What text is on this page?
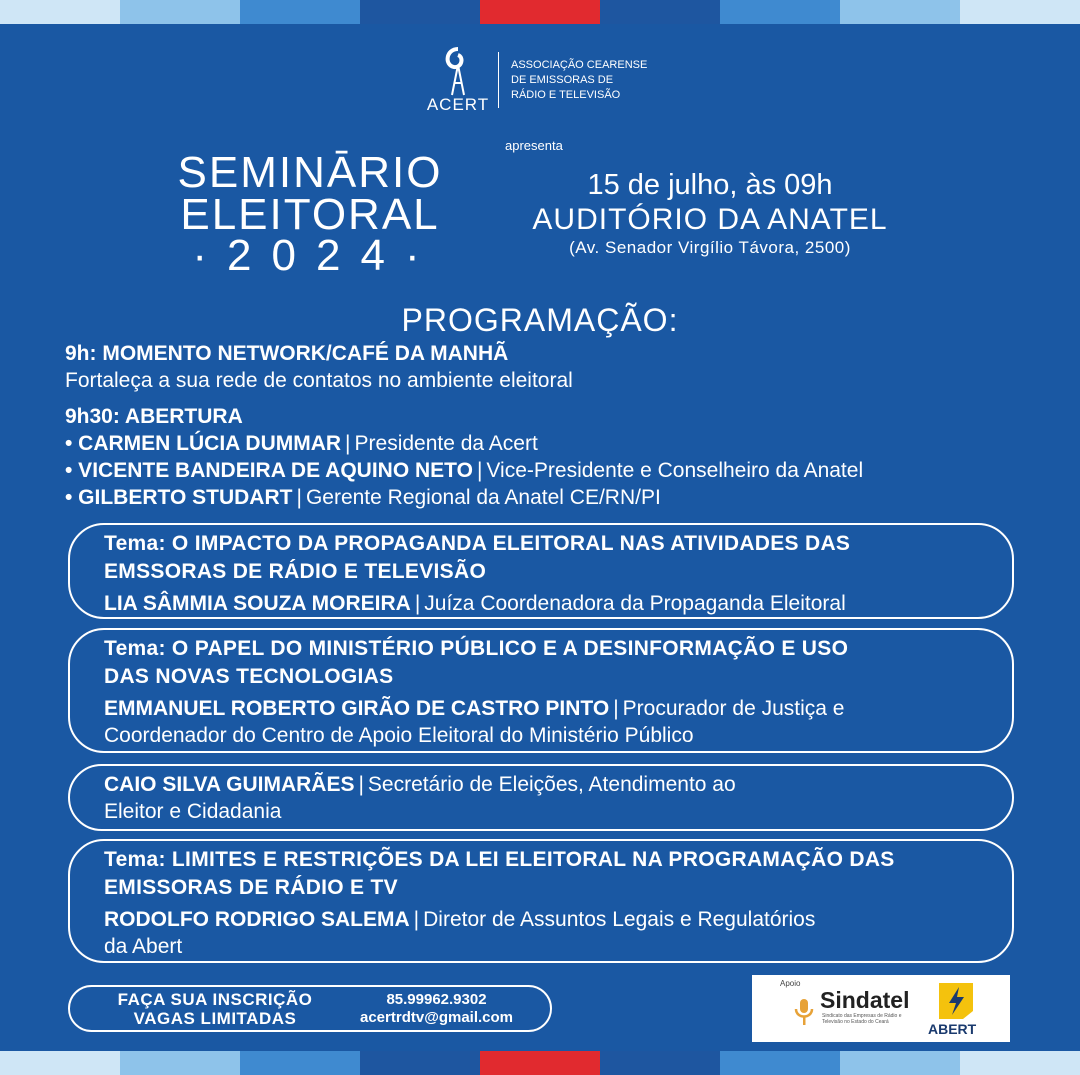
ACERT
ASSOCIAÇÃO CEARENSE
DE EMISSORAS DE
RÁDIO E TELEVISÃO
apresenta
SEMINĀRIO
ELEITORAL
·2024·
15 de julho, às 09h
AUDITÓRIO DA ANATEL
(Av. Senador Virgílio Távora, 2500)
PROGRAMAÇÃO:
9h: MOMENTO NETWORK/CAFÉ DA MANHÃ
Fortaleça a sua rede de contatos no ambiente eleitoral
9h30: ABERTURA
• CARMEN LÚCIA DUMMAR | Presidente da Acert
• VICENTE BANDEIRA DE AQUINO NETO | Vice-Presidente e Conselheiro da Anatel
• GILBERTO STUDART | Gerente Regional da Anatel CE/RN/PI
Tema: O IMPACTO DA PROPAGANDA ELEITORAL NAS ATIVIDADES DAS
EMSSORAS DE RÁDIO E TELEVISÃO
LIA SÂMMIA SOUZA MOREIRA | Juíza Coordenadora da Propaganda Eleitoral
Tema: O PAPEL DO MINISTÉRIO PÚBLICO E A DESINFORMAÇÃO E USO
DAS NOVAS TECNOLOGIAS
EMMANUEL ROBERTO GIRÃO DE CASTRO PINTO | Procurador de Justiça e
Coordenador do Centro de Apoio Eleitoral do Ministério Público
CAIO SILVA GUIMARÃES | Secretário de Eleições, Atendimento ao
Eleitor e Cidadania
Tema: LIMITES E RESTRIÇÕES DA LEI ELEITORAL NA PROGRAMAÇÃO DAS
EMISSORAS DE RÁDIO E TV
RODOLFO RODRIGO SALEMA | Diretor de Assuntos Legais e Regulatórios
da Abert
FAÇA SUA INSCRIÇÃO
VAGAS LIMITADAS
85.99962.9302
acertrdtv@gmail.com
Apoio
Sindatel
Sindicato das Empresas de Rádio e Televisão no Estado do Ceará	ABERT
